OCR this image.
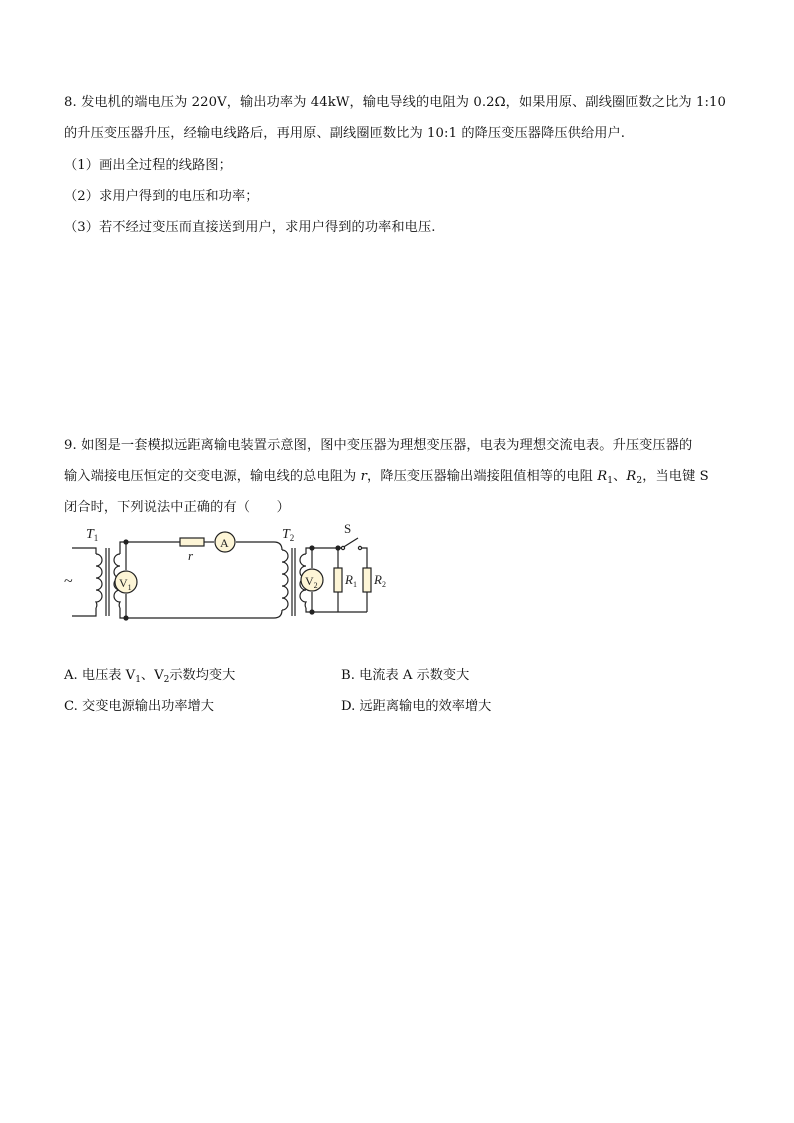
8. 发电机的端电压为 220V，输出功率为 44kW，输电导线的电阻为 0.2Ω，如果用原、副线圈匝数之比为 1:10
的升压变压器升压，经输电线路后，再用原、副线圈匝数比为 10:1 的降压变压器降压供给用户.
（1）画出全过程的线路图；
（2）求用户得到的电压和功率；
（3）若不经过变压而直接送到用户，求用户得到的功率和电压.
9. 如图是一套模拟远距离输电装置示意图，图中变压器为理想变压器，电表为理想交流电表。升压变压器的
输入端接电压恒定的交变电源，输电线的总电阻为 r，降压变压器输出端接阻值相等的电阻 $R_1$、$R_2$，当电键 S
闭合时，下列说法中正确的有（　　）
$T_1$
~	$V_1$
r
A
$T_2$
$V_2$ $R_1$
S
$R_2$
A. 电压表 $V_1$、$V_2$示数均变大	B. 电流表 A 示数变大
C. 交变电源输出功率增大	D. 远距离输电的效率增大
